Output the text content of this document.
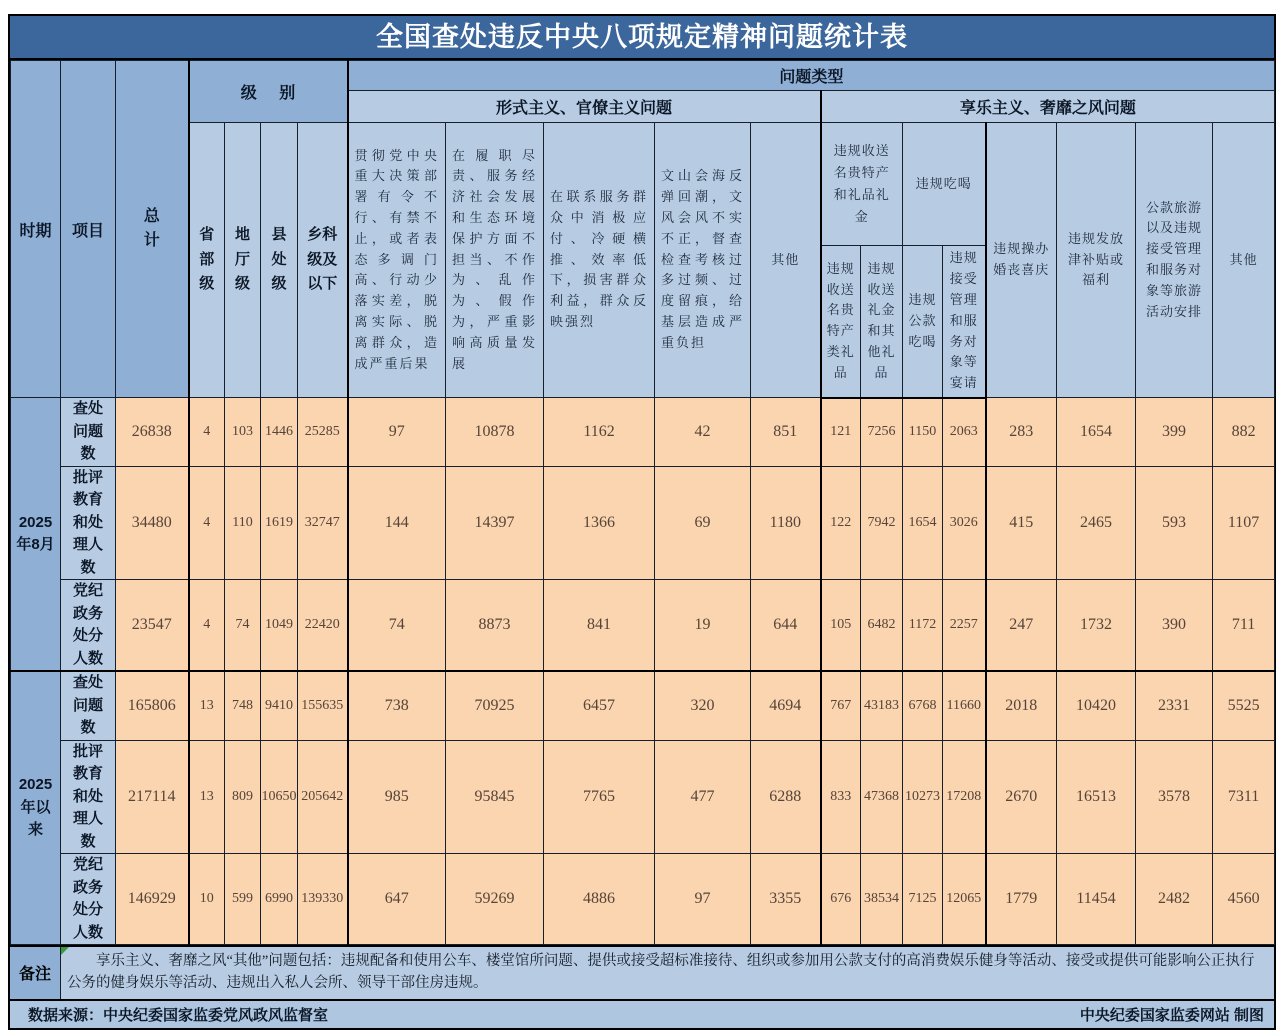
全国查处违反中央八项规定精神问题统计表
时期	项目	总计	级 别				问题类型												
							形式主义、官僚主义问题					享乐主义、奢靡之风问题							
			省部级	地厅级	县处级	乡科级及以下	贯彻党中央重大决策部署有令不行、有禁不止，或者表态多调门高、行动少落实差，脱离实际、脱离群众，造成严重后果	在履职尽责、服务经济社会发展和生态环境保护方面不担当、不作为、乱作为、假作为，严重影响高质量发展	在联系服务群众中消极应付、冷硬横推、效率低下，损害群众利益，群众反映强烈	文山会海反弹回潮，文风会风不实不正，督查检查考核过多过频、过度留痕，给基层造成严重负担	其他	违规收送名贵特产和礼品礼金		违规吃喝		违规操办婚丧喜庆	违规发放津补贴或福利	公款旅游以及违规接受管理和服务对象等旅游活动安排	其他
												违规收送名贵特产类礼品	违规收送礼金和其他礼品	违规公款吃喝	违规接受管理和服务对象等宴请				
2025年8月	查处问题数	26838	4	103	1446	25285	97	10878	1162	42	851	121	7256	1150	2063	283	1654	399	882
	批评教育和处理人数	34480	4	110	1619	32747	144	14397	1366	69	1180	122	7942	1654	3026	415	2465	593	1107
	党纪政务处分人数	23547	4	74	1049	22420	74	8873	841	19	644	105	6482	1172	2257	247	1732	390	711
2025年以来	查处问题数	165806	13	748	9410	155635	738	70925	6457	320	4694	767	43183	6768	11660	2018	10420	2331	5525
	批评教育和处理人数	217114	13	809	10650	205642	985	95845	7765	477	6288	833	47368	10273	17208	2670	16513	3578	7311
	党纪政务处分人数	146929	10	599	6990	139330	647	59269	4886	97	3355	676	38534	7125	12065	1779	11454	2482	4560
备注
享乐主义、奢靡之风“其他”问题包括：违规配备和使用公车、楼堂馆所问题、提供或接受超标准接待、组织或参加用公款支付的高消费娱乐健身等活动、接受或提供可能影响公正执行公务的健身娱乐等活动、违规出入私人会所、领导干部住房违规。
数据来源：中央纪委国家监委党风政风监督室	中央纪委国家监委网站 制图
